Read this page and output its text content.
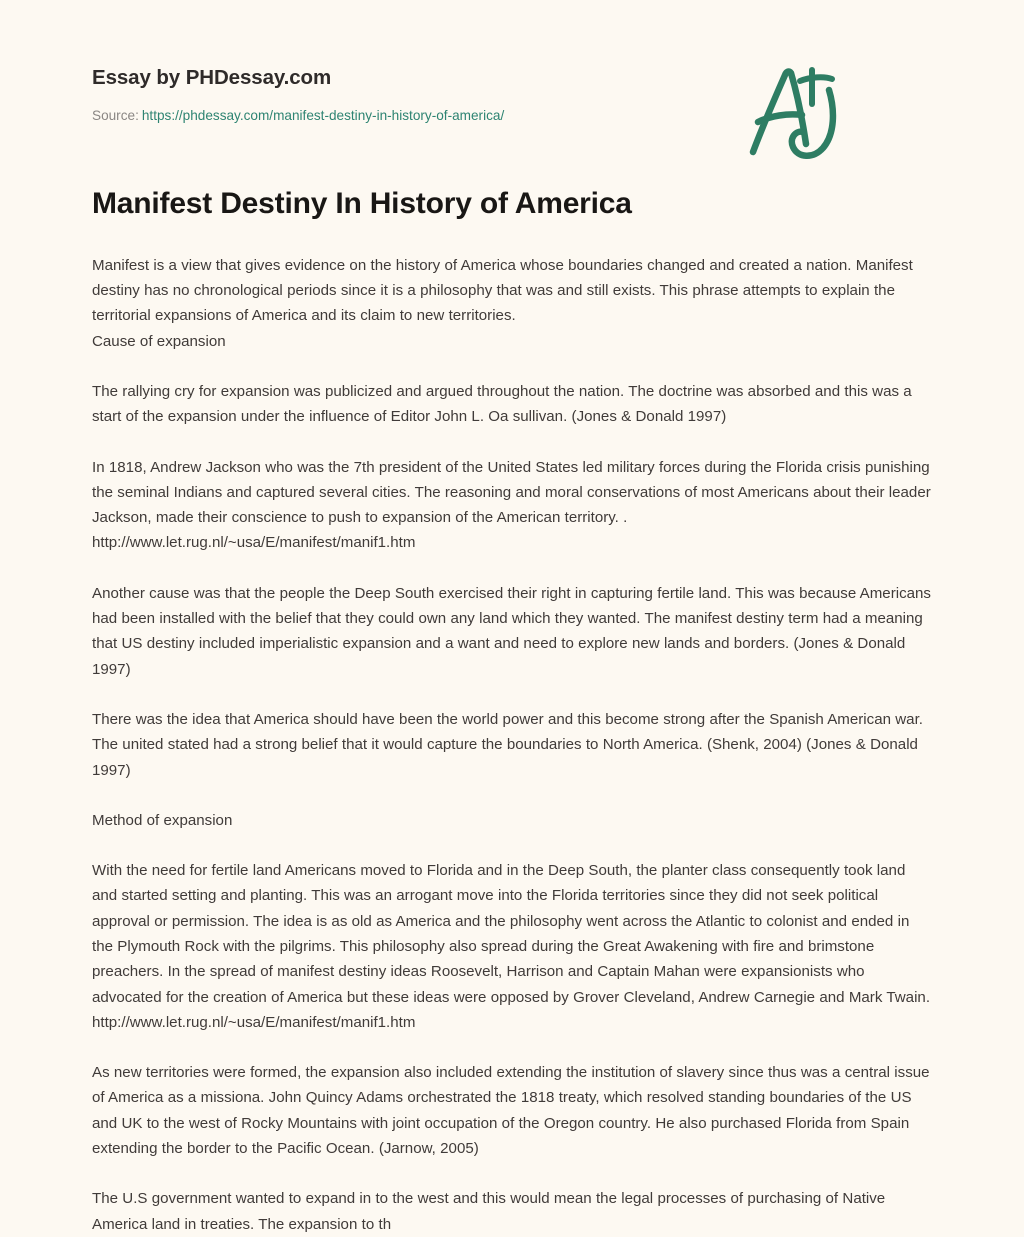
Essay by PHDessay.com
Source: https://phdessay.com/manifest-destiny-in-history-of-america/
Manifest Destiny In History of America

Manifest is a view that gives evidence on the history of America whose boundaries changed and created a nation. Manifest destiny has no chronological periods since it is a philosophy that was and still exists. This phrase attempts to explain the territorial expansions of America and its claim to new territories.
Cause of expansion

The rallying cry for expansion was publicized and argued throughout the nation. The doctrine was absorbed and this was a start of the expansion under the influence of Editor John L. Oa sullivan. (Jones & Donald 1997)

In 1818, Andrew Jackson who was the 7th president of the United States led military forces during the Florida crisis punishing the seminal Indians and captured several cities. The reasoning and moral conservations of most Americans about their leader Jackson, made their conscience to push to expansion of the American territory. .
http://www.let.rug.nl/~usa/E/manifest/manif1.htm

Another cause was that the people the Deep South exercised their right in capturing fertile land. This was because Americans had been installed with the belief that they could own any land which they wanted. The manifest destiny term had a meaning that US destiny included imperialistic expansion and a want and need to explore new lands and borders. (Jones & Donald 1997)

There was the idea that America should have been the world power and this become strong after the Spanish American war. The united stated had a strong belief that it would capture the boundaries to North America. (Shenk, 2004) (Jones & Donald 1997)

Method of expansion

With the need for fertile land Americans moved to Florida and in the Deep South, the planter class consequently took land and started setting and planting. This was an arrogant move into the Florida territories since they did not seek political approval or permission. The idea is as old as America and the philosophy went across the Atlantic to colonist and ended in the Plymouth Rock with the pilgrims. This philosophy also spread during the Great Awakening with fire and brimstone preachers. In the spread of manifest destiny ideas Roosevelt, Harrison and Captain Mahan were expansionists who advocated for the creation of America but these ideas were opposed by Grover Cleveland, Andrew Carnegie and Mark Twain.
http://www.let.rug.nl/~usa/E/manifest/manif1.htm

As new territories were formed, the expansion also included extending the institution of slavery since thus was a central issue of America as a missiona. John Quincy Adams orchestrated the 1818 treaty, which resolved standing boundaries of the US and UK to the west of Rocky Mountains with joint occupation of the Oregon country. He also purchased Florida from Spain extending the border to the Pacific Ocean. (Jarnow, 2005)

The U.S government wanted to expand in to the west and this would mean the legal processes of purchasing of Native America land in treaties. The expansion to th
